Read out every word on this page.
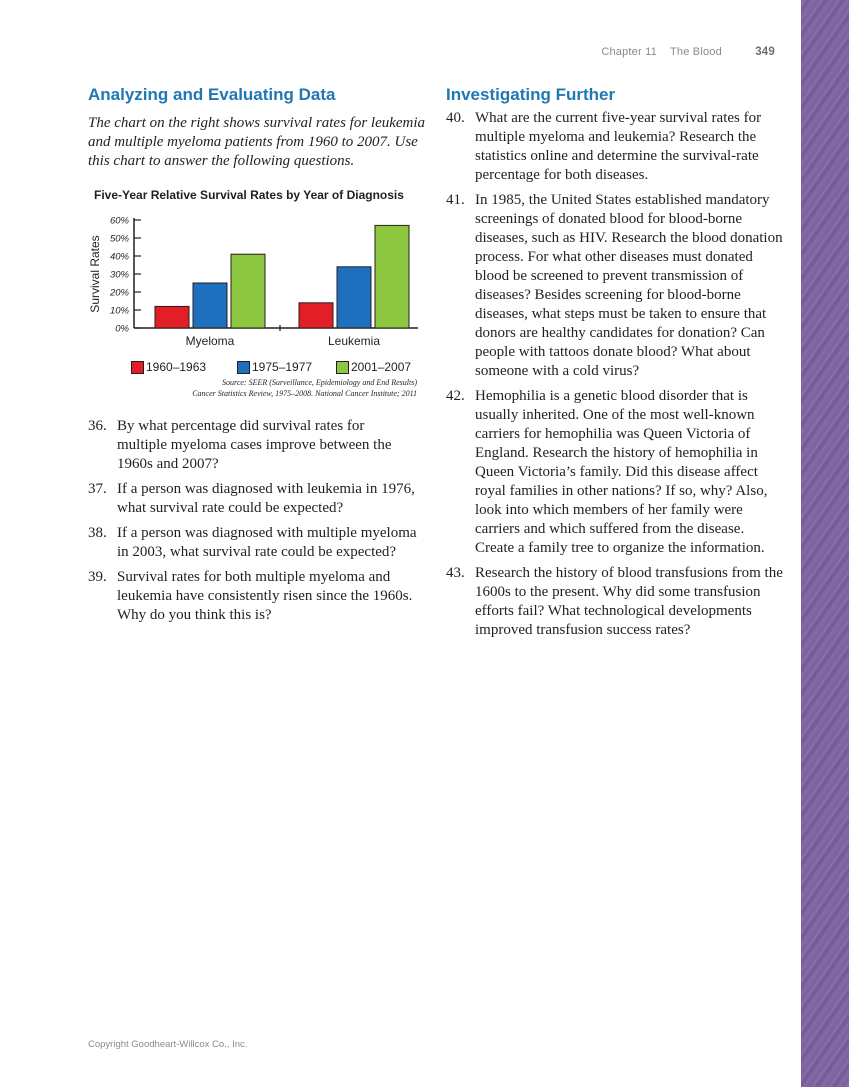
Chapter 11 The Blood	349
Analyzing and Evaluating Data

The chart on the right shows survival rates for leukemia and multiple myeloma patients from 1960 to 2007. Use this chart to answer the following questions.

Five-Year Relative Survival Rates by Year of Diagnosis
0%
10%
20%
30%
40%
50%
60%
Survival Rates
Myeloma	Leukemia
1960–1963	1975–1977	2001–2007
Source: SEER (Surveillance, Epidemiology and End Results)
Cancer Statistics Review, 1975–2008. National Cancer Institute; 2011
36. By what percentage did survival rates for multiple myeloma cases improve between the 1960s and 2007?
37. If a person was diagnosed with leukemia in 1976, what survival rate could be expected?
38. If a person was diagnosed with multiple myeloma in 2003, what survival rate could be expected?
39. Survival rates for both multiple myeloma and leukemia have consistently risen since the 1960s. Why do you think this is?
Investigating Further
40. What are the current five-year survival rates for multiple myeloma and leukemia? Research the statistics online and determine the survival-rate percentage for both diseases.
41. In 1985, the United States established mandatory screenings of donated blood for blood-borne diseases, such as HIV. Research the blood donation process. For what other diseases must donated blood be screened to prevent transmission of diseases? Besides screening for blood-borne diseases, what steps must be taken to ensure that donors are healthy candidates for donation? Can people with tattoos donate blood? What about someone with a cold virus?
42. Hemophilia is a genetic blood disorder that is usually inherited. One of the most well-known carriers for hemophilia was Queen Victoria of England. Research the history of hemophilia in Queen Victoria’s family. Did this disease affect royal families in other nations? If so, why? Also, look into which members of her family were carriers and which suffered from the disease. Create a family tree to organize the information.
43. Research the history of blood transfusions from the 1600s to the present. Why did some transfusion efforts fail? What technological developments improved transfusion success rates?
Copyright Goodheart-Willcox Co., Inc.
